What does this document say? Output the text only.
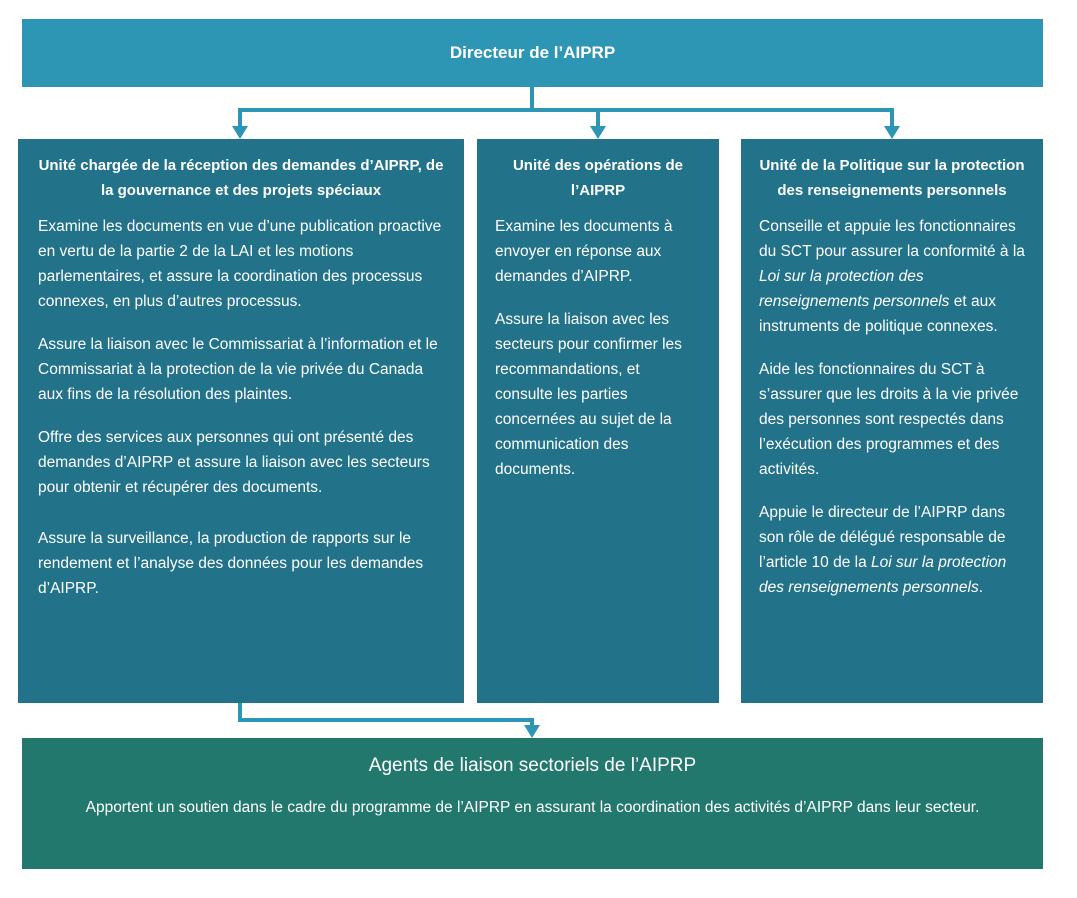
Directeur de l’AIPRP
Unité chargée de la réception des demandes d’AIPRP, de la gouvernance et des projets spéciaux

Examine les documents en vue d’une publication proactive en vertu de la partie 2 de la LAI et les motions parlementaires, et assure la coordination des processus connexes, en plus d’autres processus.

Assure la liaison avec le Commissariat à l’information et le Commissariat à la protection de la vie privée du Canada aux fins de la résolution des plaintes.

Offre des services aux personnes qui ont présenté des demandes d’AIPRP et assure la liaison avec les secteurs pour obtenir et récupérer des documents.

Assure la surveillance, la production de rapports sur le rendement et l’analyse des données pour les demandes d’AIPRP.

Unité des opérations de l’AIPRP

Examine les documents à envoyer en réponse aux demandes d’AIPRP.

Assure la liaison avec les secteurs pour confirmer les recommandations, et consulte les parties concernées au sujet de la communication des documents.

Unité de la Politique sur la protection des renseignements personnels

Conseille et appuie les fonctionnaires du SCT pour assurer la conformité à la Loi sur la protection des renseignements personnels et aux instruments de politique connexes.

Aide les fonctionnaires du SCT à s’assurer que les droits à la vie privée des personnes sont respectés dans l’exécution des programmes et des activités.

Appuie le directeur de l’AIPRP dans son rôle de délégué responsable de l’article 10 de la Loi sur la protection des renseignements personnels.

Agents de liaison sectoriels de l’AIPRP
Apportent un soutien dans le cadre du programme de l’AIPRP en assurant la coordination des activités d’AIPRP dans leur secteur.
